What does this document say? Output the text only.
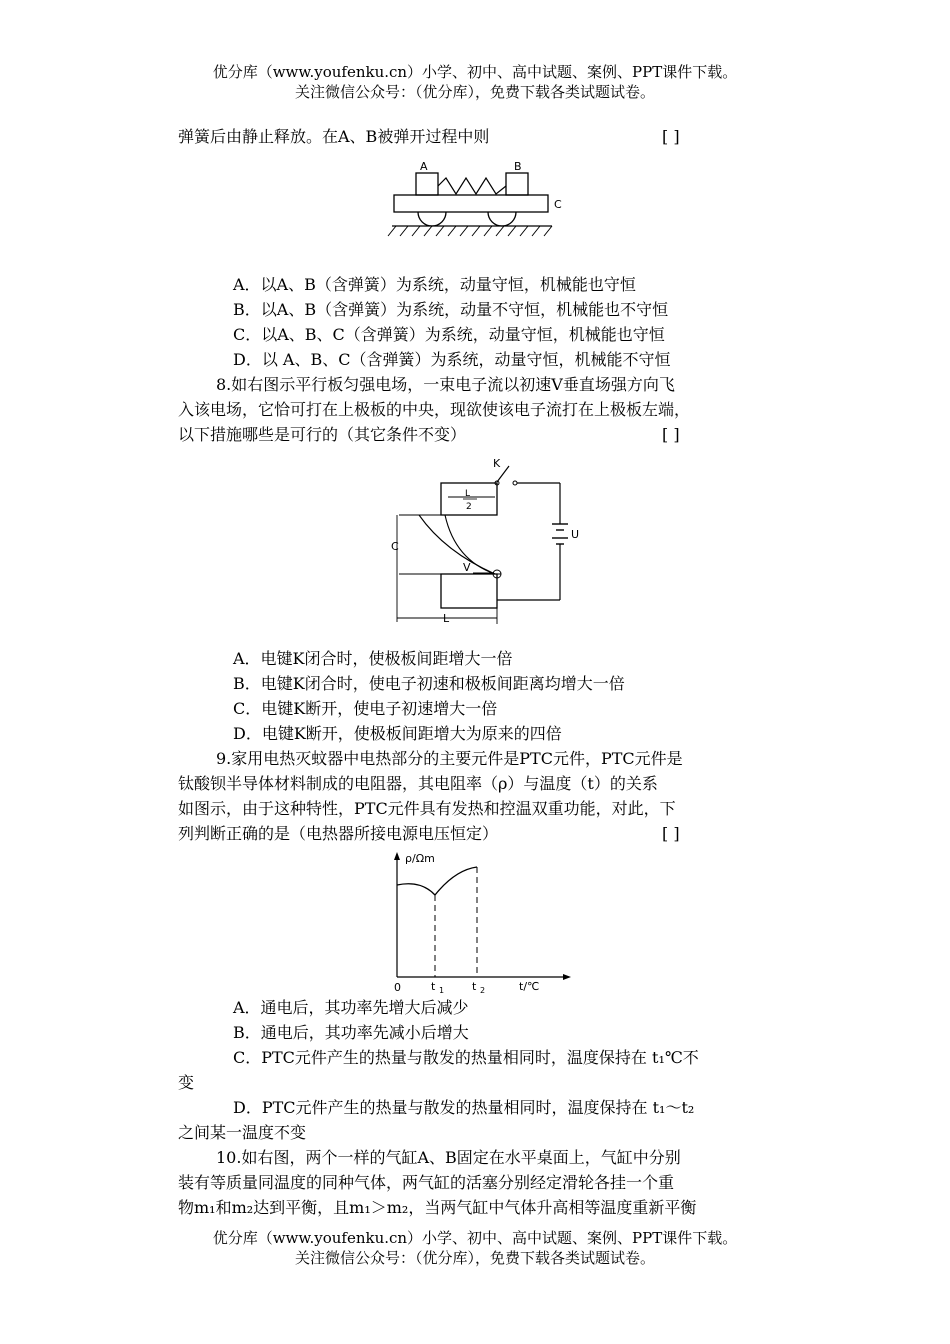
优分库（www.youfenku.cn）小学、初中、高中试题、案例、PPT课件下载。
关注微信公众号：（优分库），免费下载各类试题试卷。
弹簧后由静止释放。在A、B被弹开过程中则	[ ]
A	B
C
A．以A、B（含弹簧）为系统，动量守恒，机械能也守恒
B．以A、B（含弹簧）为系统，动量不守恒，机械能也不守恒
C．以A、B、C（含弹簧）为系统，动量守恒，机械能也守恒
D．以 A、B、C（含弹簧）为系统，动量守恒，机械能不守恒
8.如右图示平行板匀强电场，一束电子流以初速V垂直场强方向飞
入该电场，它恰可打在上极板的中央，现欲使该电子流打在上极板左端，
以下措施哪些是可行的（其它条件不变）	[ ]
K
L
2
U
C
V
L
A．电键K闭合时，使极板间距增大一倍
B．电键K闭合时，使电子初速和极板间距离均增大一倍
C．电键K断开，使电子初速增大一倍
D．电键K断开，使极板间距增大为原来的四倍
9.家用电热灭蚊器中电热部分的主要元件是PTC元件，PTC元件是
钛酸钡半导体材料制成的电阻器，其电阻率（ρ）与温度（t）的关系
如图示，由于这种特性，PTC元件具有发热和控温双重功能，对此，下
列判断正确的是（电热器所接电源电压恒定）	[ ]
ρ/Ωm
0	t 1	t 2	t/℃
A．通电后，其功率先增大后减少
B．通电后，其功率先减小后增大
C．PTC元件产生的热量与散发的热量相同时，温度保持在 t₁℃不
变
D．PTC元件产生的热量与散发的热量相同时，温度保持在 t₁～t₂
之间某一温度不变
10.如右图，两个一样的气缸A、B固定在水平桌面上，气缸中分别
装有等质量同温度的同种气体，两气缸的活塞分别经定滑轮各挂一个重
物m₁和m₂达到平衡，且m₁＞m₂，当两气缸中气体升高相等温度重新平衡
优分库（www.youfenku.cn）小学、初中、高中试题、案例、PPT课件下载。
关注微信公众号：（优分库），免费下载各类试题试卷。
